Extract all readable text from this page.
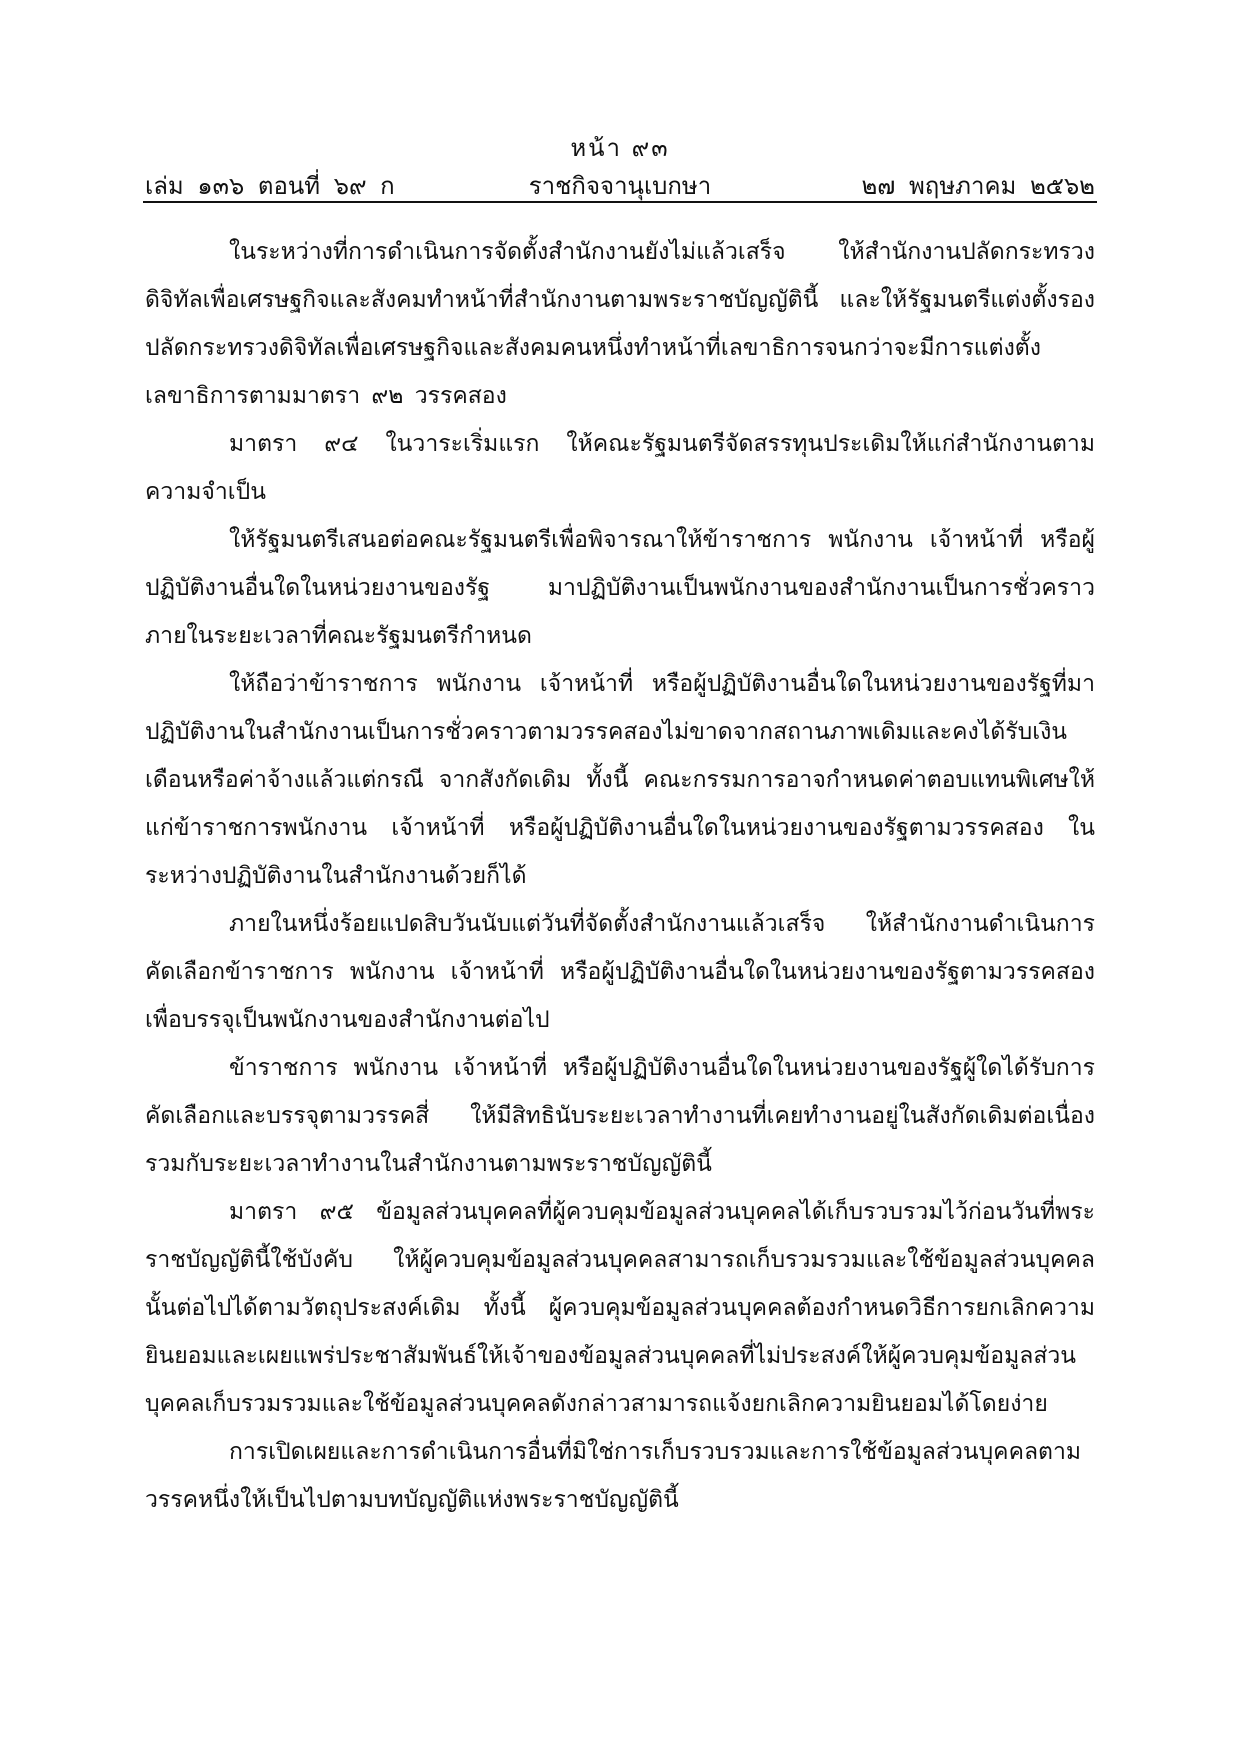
หน้า ๙๓
เล่ม ๑๓๖ ตอนที่ ๖๙ ก	ราชกิจจานุเบกษา	๒๗ พฤษภาคม ๒๕๖๒

ในระหว่างที่การดำเนินการจัดตั้งสำนักงานยังไม่แล้วเสร็จ ให้สำนักงานปลัดกระทรวงดิจิทัลเพื่อเศรษฐกิจและสังคมทำหน้าที่สำนักงานตามพระราชบัญญัตินี้ และให้รัฐมนตรีแต่งตั้งรองปลัดกระทรวงดิจิทัลเพื่อเศรษฐกิจและสังคมคนหนึ่งทำหน้าที่เลขาธิการจนกว่าจะมีการแต่งตั้งเลขาธิการตามมาตรา ๙๒ วรรคสอง

มาตรา ๙๔ ในวาระเริ่มแรก ให้คณะรัฐมนตรีจัดสรรทุนประเดิมให้แก่สำนักงานตามความจำเป็น

ให้รัฐมนตรีเสนอต่อคณะรัฐมนตรีเพื่อพิจารณาให้ข้าราชการ พนักงาน เจ้าหน้าที่ หรือผู้ปฏิบัติงานอื่นใดในหน่วยงานของรัฐ มาปฏิบัติงานเป็นพนักงานของสำนักงานเป็นการชั่วคราวภายในระยะเวลาที่คณะรัฐมนตรีกำหนด

ให้ถือว่าข้าราชการ พนักงาน เจ้าหน้าที่ หรือผู้ปฏิบัติงานอื่นใดในหน่วยงานของรัฐที่มาปฏิบัติงานในสำนักงานเป็นการชั่วคราวตามวรรคสองไม่ขาดจากสถานภาพเดิมและคงได้รับเงินเดือนหรือค่าจ้างแล้วแต่กรณี จากสังกัดเดิม ทั้งนี้ คณะกรรมการอาจกำหนดค่าตอบแทนพิเศษให้แก่ข้าราชการพนักงาน เจ้าหน้าที่ หรือผู้ปฏิบัติงานอื่นใดในหน่วยงานของรัฐตามวรรคสอง ในระหว่างปฏิบัติงานในสำนักงานด้วยก็ได้

ภายในหนึ่งร้อยแปดสิบวันนับแต่วันที่จัดตั้งสำนักงานแล้วเสร็จ ให้สำนักงานดำเนินการคัดเลือกข้าราชการ พนักงาน เจ้าหน้าที่ หรือผู้ปฏิบัติงานอื่นใดในหน่วยงานของรัฐตามวรรคสองเพื่อบรรจุเป็นพนักงานของสำนักงานต่อไป

ข้าราชการ พนักงาน เจ้าหน้าที่ หรือผู้ปฏิบัติงานอื่นใดในหน่วยงานของรัฐผู้ใดได้รับการคัดเลือกและบรรจุตามวรรคสี่ ให้มีสิทธินับระยะเวลาทำงานที่เคยทำงานอยู่ในสังกัดเดิมต่อเนื่องรวมกับระยะเวลาทำงานในสำนักงานตามพระราชบัญญัตินี้

มาตรา ๙๕ ข้อมูลส่วนบุคคลที่ผู้ควบคุมข้อมูลส่วนบุคคลได้เก็บรวบรวมไว้ก่อนวันที่พระราชบัญญัตินี้ใช้บังคับ ให้ผู้ควบคุมข้อมูลส่วนบุคคลสามารถเก็บรวมรวมและใช้ข้อมูลส่วนบุคคลนั้นต่อไปได้ตามวัตถุประสงค์เดิม ทั้งนี้ ผู้ควบคุมข้อมูลส่วนบุคคลต้องกำหนดวิธีการยกเลิกความยินยอมและเผยแพร่ประชาสัมพันธ์ให้เจ้าของข้อมูลส่วนบุคคลที่ไม่ประสงค์ให้ผู้ควบคุมข้อมูลส่วนบุคคลเก็บรวมรวมและใช้ข้อมูลส่วนบุคคลดังกล่าวสามารถแจ้งยกเลิกความยินยอมได้โดยง่าย

การเปิดเผยและการดำเนินการอื่นที่มิใช่การเก็บรวบรวมและการใช้ข้อมูลส่วนบุคคลตามวรรคหนึ่งให้เป็นไปตามบทบัญญัติแห่งพระราชบัญญัตินี้
